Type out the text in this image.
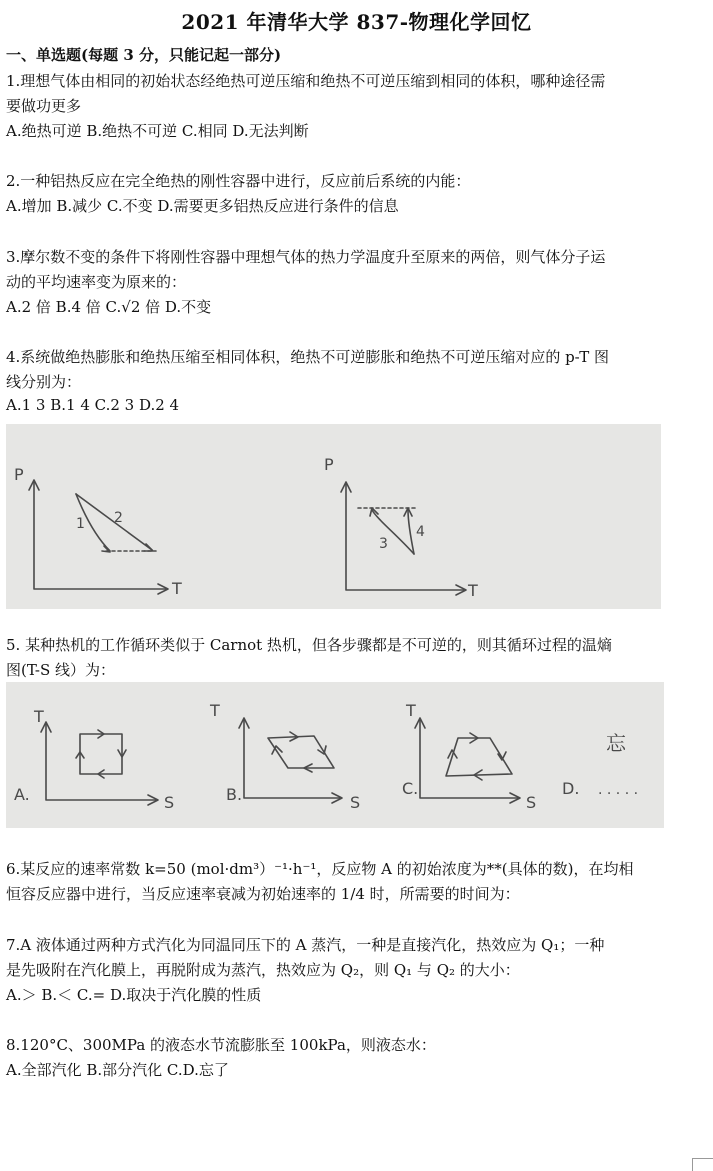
2021 年清华大学 837-物理化学回忆
一、单选题(每题 3 分，只能记起一部分)
1.理想气体由相同的初始状态经绝热可逆压缩和绝热不可逆压缩到相同的体积，哪种途径需
要做功更多
A.绝热可逆 B.绝热不可逆 C.相同 D.无法判断
2.一种铝热反应在完全绝热的刚性容器中进行，反应前后系统的内能：
A.增加 B.减少 C.不变 D.需要更多铝热反应进行条件的信息
3.摩尔数不变的条件下将刚性容器中理想气体的热力学温度升至原来的两倍，则气体分子运
动的平均速率变为原来的：
A.2 倍 B.4 倍 C.√2 倍 D.不变
4.系统做绝热膨胀和绝热压缩至相同体积，绝热不可逆膨胀和绝热不可逆压缩对应的 p-T 图
线分别为：
A.1 3 B.1 4 C.2 3 D.2 4
P
T
1 2
P
T
3
4
5. 某种热机的工作循环类似于 Carnot 热机，但各步骤都是不可逆的，则其循环过程的温熵
图(T-S 线）为：
A.
T
S	B.
T
S
C.
T
S
D. . . . . .
忘
6.某反应的速率常数 k=50 (mol·dm³）⁻¹·h⁻¹，反应物 A 的初始浓度为**(具体的数)，在均相
恒容反应器中进行，当反应速率衰减为初始速率的 1/4 时，所需要的时间为：
7.A 液体通过两种方式汽化为同温同压下的 A 蒸汽，一种是直接汽化，热效应为 Q₁；一种
是先吸附在汽化膜上，再脱附成为蒸汽，热效应为 Q₂，则 Q₁ 与 Q₂ 的大小：
A.＞ B.＜ C.= D.取决于汽化膜的性质
8.120°C、300MPa 的液态水节流膨胀至 100kPa，则液态水：
A.全部汽化 B.部分汽化 C.D.忘了
